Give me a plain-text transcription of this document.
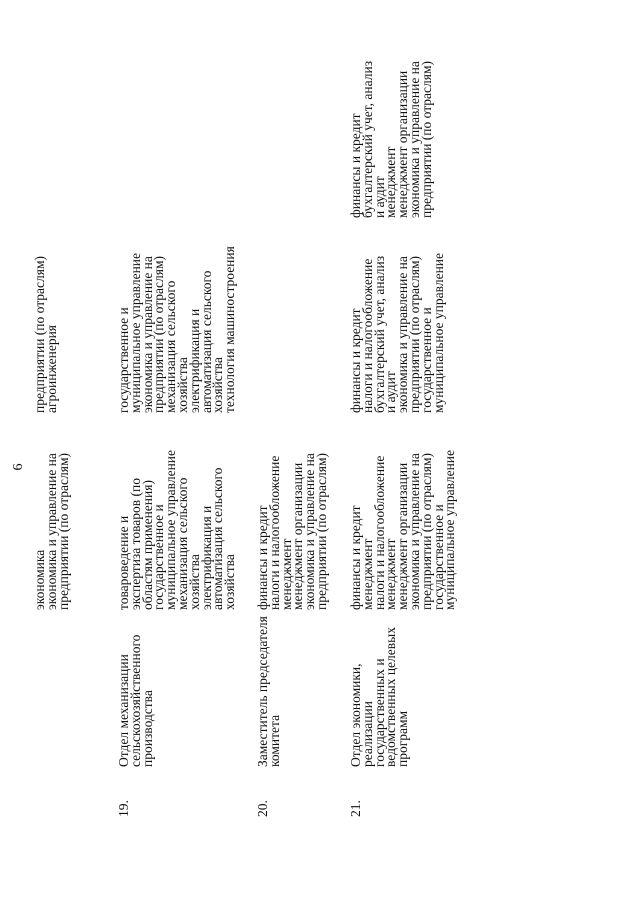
6
экономика
экономика и управление на
предприятии (по отраслям)
предприятии (по отраслям)
агроинженерия
19.
Отдел механизации
сельскохозяйственного
производства
товароведение и
экспертиза товаров (по
областям применения)
государственное и
муниципальное управление
механизация сельского
хозяйства
электрификация и
автоматизация сельского
хозяйства
государственное и
муниципальное управление
экономика и управление на
предприятии (по отраслям)
механизация сельского
хозяйства
электрификация и
автоматизация сельского
хозяйства
технология машиностроения
20.
Заместитель председателя
комитета
финансы и кредит
налоги и налогообложение
менеджмент
менеджмент организации
экономика и управление на
предприятии (по отраслям)
21.
Отдел экономики,
реализации
государственных и
ведомственных целевых
программ
финансы и кредит
менеджмент
налоги и налогообложение
менеджмент
менеджмент организации
экономика и управление на
предприятии (по отраслям)
государственное и
муниципальное управление
финансы и кредит
налоги и налогообложение
бухгалтерский учет, анализ
и аудит
экономика и управление на
предприятии (по отраслям)
государственное и
муниципальное управление
финансы и кредит
бухгалтерский учет, анализ
и аудит
менеджмент
менеджмент организации
экономика и управление на
предприятии (по отраслям)
